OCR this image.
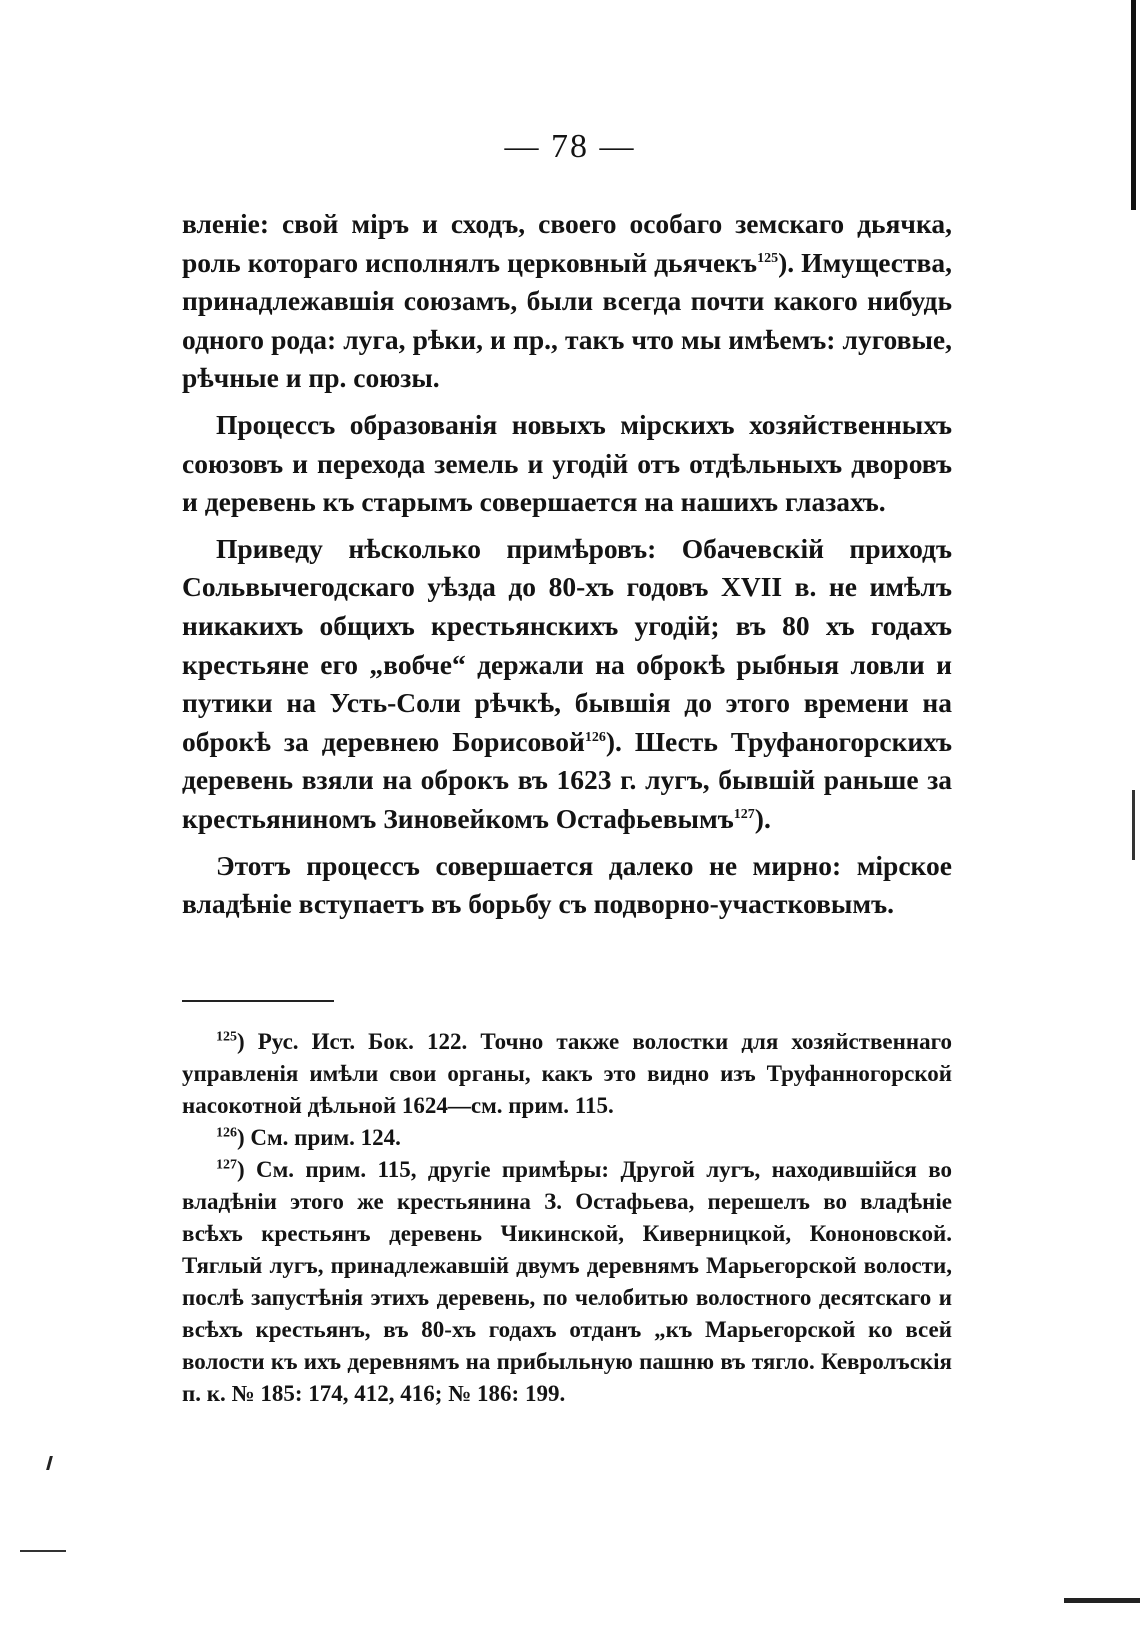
— 78 —

вленіе: свой міръ и сходъ, своего особаго земскаго дьячка, роль котораго исполнялъ церковный дьячекъ$^{125}$). Имущества, принадлежавшія союзамъ, были всегда почти какого нибудь одного рода: луга, рѣки, и пр., такъ что мы имѣемъ: луговые, рѣчные и пр. союзы.

Процессъ образованія новыхъ мірскихъ хозяйственныхъ союзовъ и перехода земель и угодій отъ отдѣльныхъ дворовъ и деревень къ старымъ совершается на нашихъ глазахъ.

Приведу нѣсколько примѣровъ: Обачевскій приходъ Сольвычегодскаго уѣзда до 80-хъ годовъ XVII в. не имѣлъ никакихъ общихъ крестьянскихъ угодій; въ 80 хъ годахъ крестьяне его „вобче“ держали на оброкѣ рыбныя ловли и путики на Усть-Соли рѣчкѣ, бывшія до этого времени на оброкѣ за деревнею Борисовой$^{126}$). Шесть Труфаногорскихъ деревень взяли на оброкъ въ 1623 г. лугъ, бывшій раньше за крестьяниномъ Зиновейкомъ Остафьевымъ$^{127}$).

Этотъ процессъ совершается далеко не мирно: мірское владѣніе вступаетъ въ борьбу съ подворно-участковымъ.

$^{125}$) Рус. Ист. Бок. 122. Точно также волостки для хозяйственнаго управленія имѣли свои органы, какъ это видно изъ Труфанногорской насокотной дѣльной 1624—см. прим. 115.

$^{126}$) См. прим. 124.

$^{127}$) См. прим. 115, другіе примѣры: Другой лугъ, находившійся во владѣніи этого же крестьянина З. Остафьева, перешелъ во владѣніе всѣхъ крестьянъ деревень Чикинской, Киверницкой, Кононовской. Тяглый лугъ, принадлежавшій двумъ деревнямъ Марьегорской волости, послѣ запустѣнія этихъ деревень, по челобитью волостного десятскаго и всѣхъ крестьянъ, въ 80-хъ годахъ отданъ „къ Марьегорской ко всей волости къ ихъ деревнямъ на прибыльную пашню въ тягло. Кевролъскія п. к. № 185: 174, 412, 416; № 186: 199.
